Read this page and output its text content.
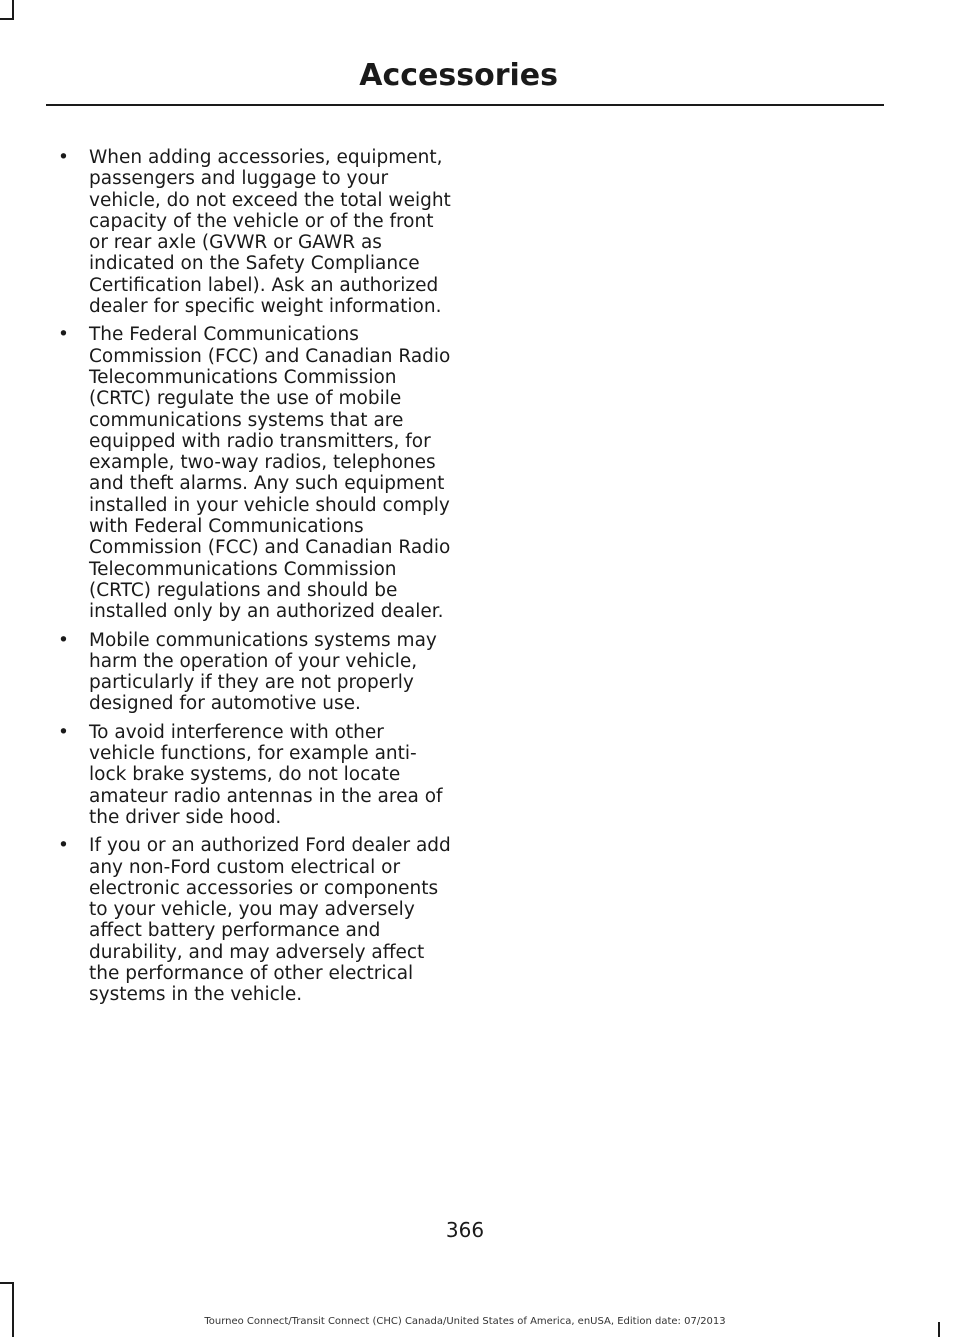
Accessories
• When adding accessories, equipment, passengers and luggage to your vehicle, do not exceed the total weight capacity of the vehicle or of the front or rear axle (GVWR or GAWR as indicated on the Safety Compliance Certification label). Ask an authorized dealer for specific weight information.
• The Federal Communications Commission (FCC) and Canadian Radio Telecommunications Commission (CRTC) regulate the use of mobile communications systems that are equipped with radio transmitters, for example, two-way radios, telephones and theft alarms. Any such equipment installed in your vehicle should comply with Federal Communications Commission (FCC) and Canadian Radio Telecommunications Commission (CRTC) regulations and should be installed only by an authorized dealer.
• Mobile communications systems may harm the operation of your vehicle, particularly if they are not properly designed for automotive use.
• To avoid interference with other vehicle functions, for example anti-lock brake systems, do not locate amateur radio antennas in the area of the driver side hood.
• If you or an authorized Ford dealer add any non-Ford custom electrical or electronic accessories or components to your vehicle, you may adversely affect battery performance and durability, and may adversely affect the performance of other electrical systems in the vehicle.
366
Tourneo Connect/Transit Connect (CHC) Canada/United States of America, enUSA, Edition date: 07/2013
